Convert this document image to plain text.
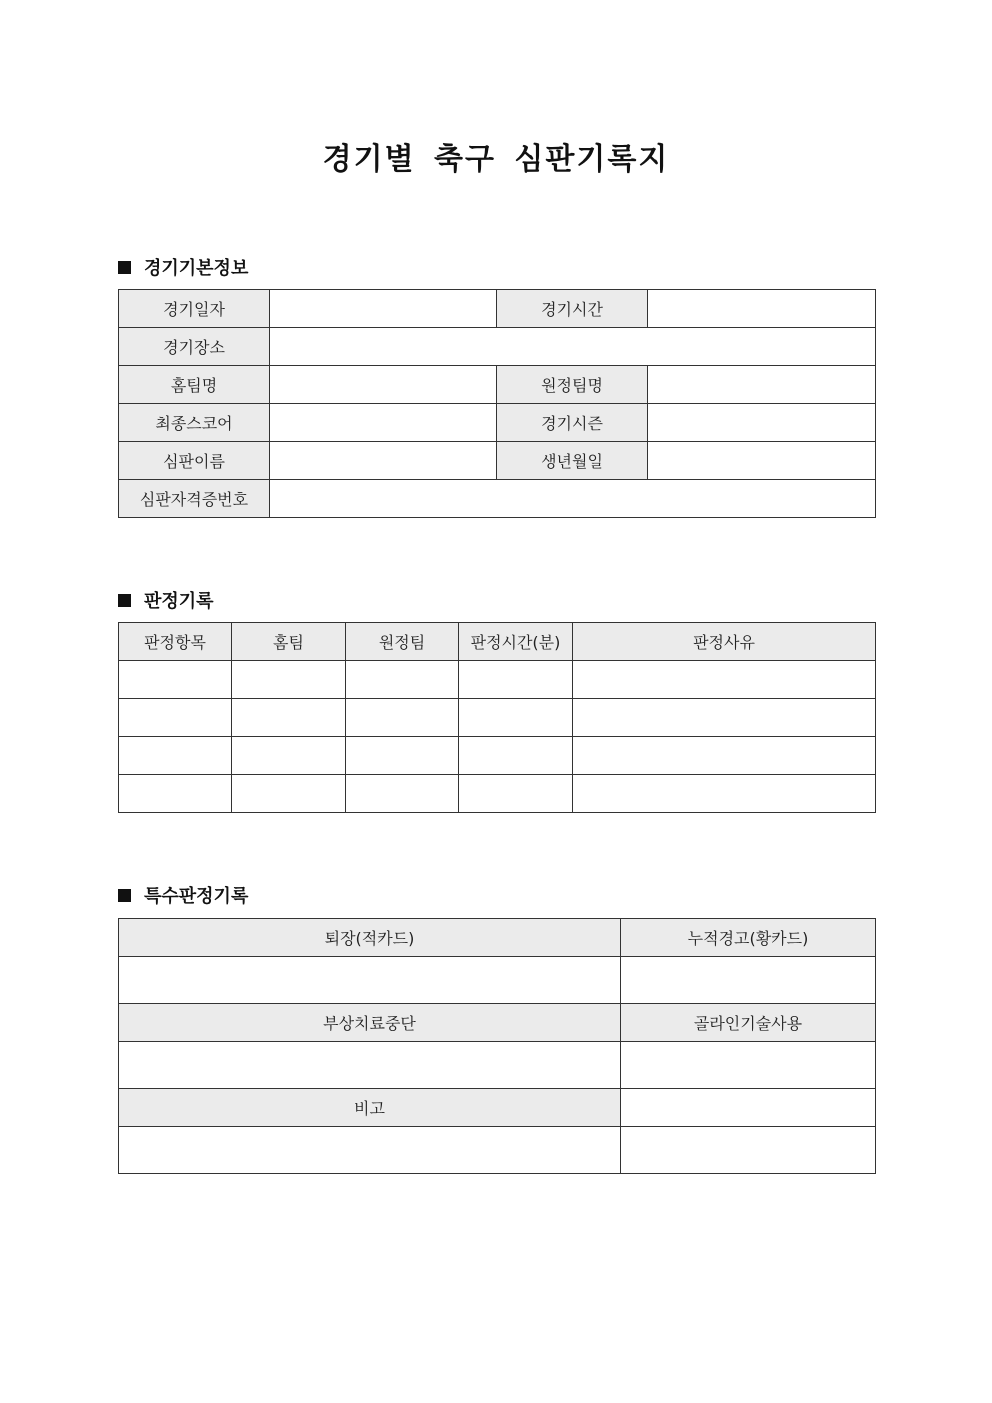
경기별 축구 심판기록지
경기기본정보
경기일자		경기시간	
경기장소			
홈팀명		원정팀명	
최종스코어		경기시즌	
심판이름		생년월일	
심판자격증번호			
판정기록
판정항목	홈팀	원정팀	판정시간(분)	판정사유

특수판정기록
퇴장(적카드)	누적경고(황카드)

부상치료중단	골라인기술사용

비고	
